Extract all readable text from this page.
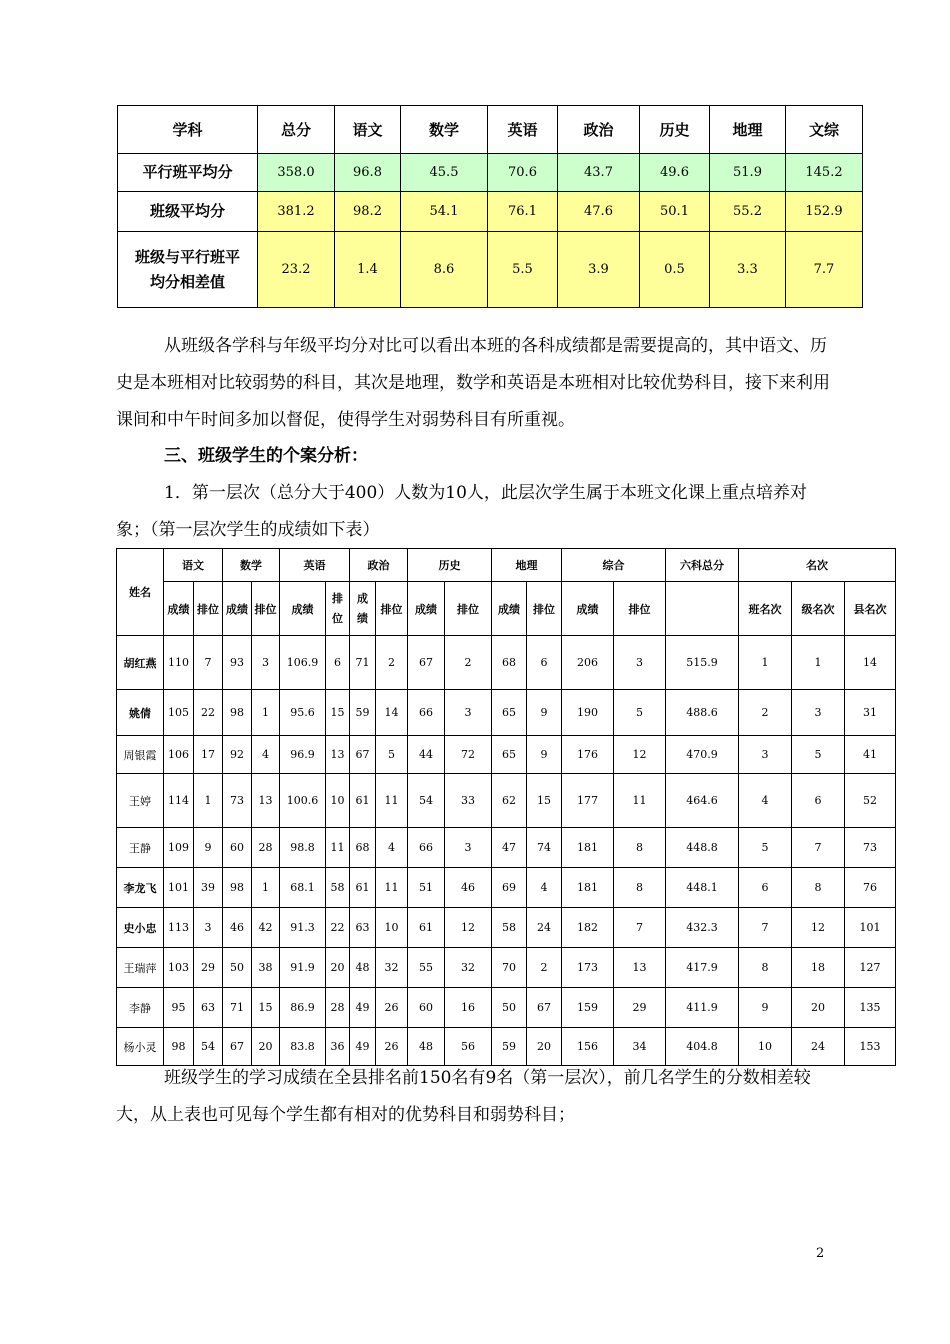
学科	总分	语文	数学	英语	政治	历史	地理	文综
平行班平均分	358.0	96.8	45.5	70.6	43.7	49.6	51.9	145.2
班级平均分	381.2	98.2	54.1	76.1	47.6	50.1	55.2	152.9
班级与平行班平
均分相差值	23.2	1.4	8.6	5.5	3.9	0.5	3.3	7.7

从班级各学科与年级平均分对比可以看出本班的各科成绩都是需要提高的，其中语文、历史是本班相对比较弱势的科目，其次是地理，数学和英语是本班相对比较优势科目，接下来利用课间和中午时间多加以督促，使得学生对弱势科目有所重视。

三、班级学生的个案分析：

1．第一层次（总分大于400）人数为10人，此层次学生属于本班文化课上重点培养对象；（第一层次学生的成绩如下表）

姓名	语文		数学		英语		政治		历史		地理		综合		六科总分	名次		
	成绩	排位	成绩	排位	成绩	排
位	成
绩	排位	成绩	排位	成绩	排位	成绩	排位		班名次	级名次	县名次
胡红燕	110	7	93	3	106.9	6	71	2	67	2	68	6	206	3	515.9	1	1	14
姚倩	105	22	98	1	95.6	15	59	14	66	3	65	9	190	5	488.6	2	3	31
周银霞	106	17	92	4	96.9	13	67	5	44	72	65	9	176	12	470.9	3	5	41
王婷	114	1	73	13	100.6	10	61	11	54	33	62	15	177	11	464.6	4	6	52
王静	109	9	60	28	98.8	11	68	4	66	3	47	74	181	8	448.8	5	7	73
李龙飞	101	39	98	1	68.1	58	61	11	51	46	69	4	181	8	448.1	6	8	76
史小忠	113	3	46	42	91.3	22	63	10	61	12	58	24	182	7	432.3	7	12	101
王瑞萍	103	29	50	38	91.9	20	48	32	55	32	70	2	173	13	417.9	8	18	127
李静	95	63	71	15	86.9	28	49	26	60	16	50	67	159	29	411.9	9	20	135
杨小灵	98	54	67	20	83.8	36	49	26	48	56	59	20	156	34	404.8	10	24	153

班级学生的学习成绩在全县排名前150名有9名（第一层次），前几名学生的分数相差较大，从上表也可见每个学生都有相对的优势科目和弱势科目；

2
